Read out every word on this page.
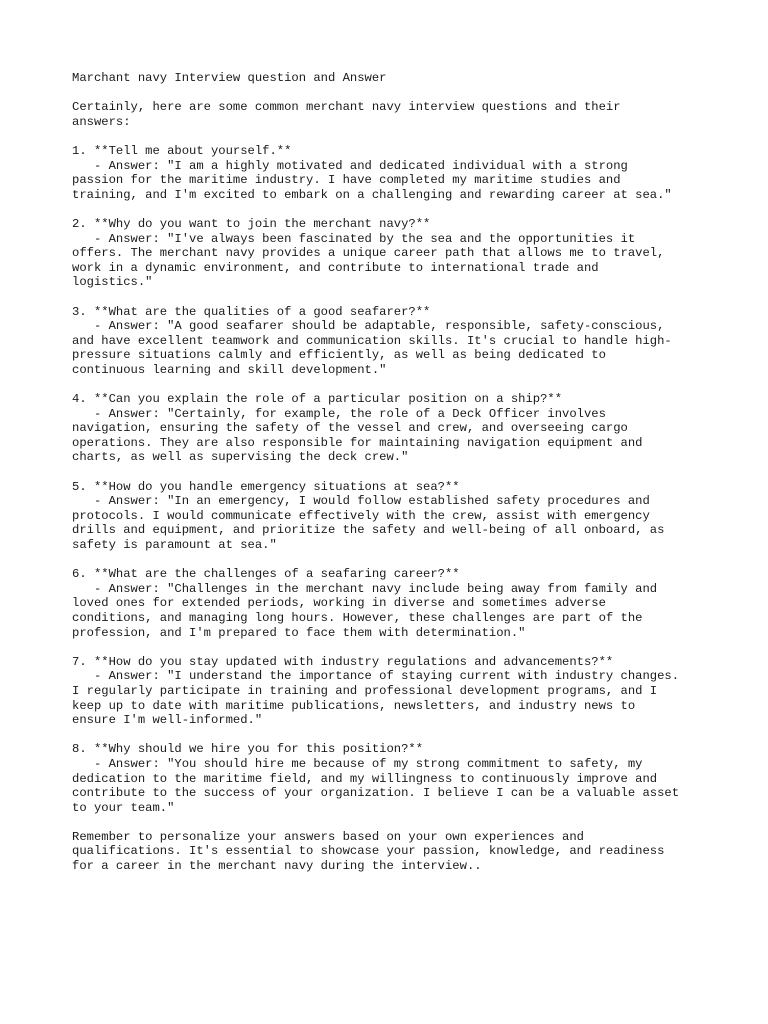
Marchant navy Interview question and Answer
Certainly, here are some common merchant navy interview questions and their
answers:
1. **Tell me about yourself.**
- Answer: "I am a highly motivated and dedicated individual with a strong
passion for the maritime industry. I have completed my maritime studies and
training, and I'm excited to embark on a challenging and rewarding career at sea."
2. **Why do you want to join the merchant navy?**
- Answer: "I've always been fascinated by the sea and the opportunities it
offers. The merchant navy provides a unique career path that allows me to travel,
work in a dynamic environment, and contribute to international trade and
logistics."
3. **What are the qualities of a good seafarer?**
- Answer: "A good seafarer should be adaptable, responsible, safety-conscious,
and have excellent teamwork and communication skills. It's crucial to handle high-
pressure situations calmly and efficiently, as well as being dedicated to
continuous learning and skill development."
4. **Can you explain the role of a particular position on a ship?**
- Answer: "Certainly, for example, the role of a Deck Officer involves
navigation, ensuring the safety of the vessel and crew, and overseeing cargo
operations. They are also responsible for maintaining navigation equipment and
charts, as well as supervising the deck crew."
5. **How do you handle emergency situations at sea?**
- Answer: "In an emergency, I would follow established safety procedures and
protocols. I would communicate effectively with the crew, assist with emergency
drills and equipment, and prioritize the safety and well-being of all onboard, as
safety is paramount at sea."
6. **What are the challenges of a seafaring career?**
- Answer: "Challenges in the merchant navy include being away from family and
loved ones for extended periods, working in diverse and sometimes adverse
conditions, and managing long hours. However, these challenges are part of the
profession, and I'm prepared to face them with determination."
7. **How do you stay updated with industry regulations and advancements?**
- Answer: "I understand the importance of staying current with industry changes.
I regularly participate in training and professional development programs, and I
keep up to date with maritime publications, newsletters, and industry news to
ensure I'm well-informed."
8. **Why should we hire you for this position?**
- Answer: "You should hire me because of my strong commitment to safety, my
dedication to the maritime field, and my willingness to continuously improve and
contribute to the success of your organization. I believe I can be a valuable asset
to your team."
Remember to personalize your answers based on your own experiences and
qualifications. It's essential to showcase your passion, knowledge, and readiness
for a career in the merchant navy during the interview..
